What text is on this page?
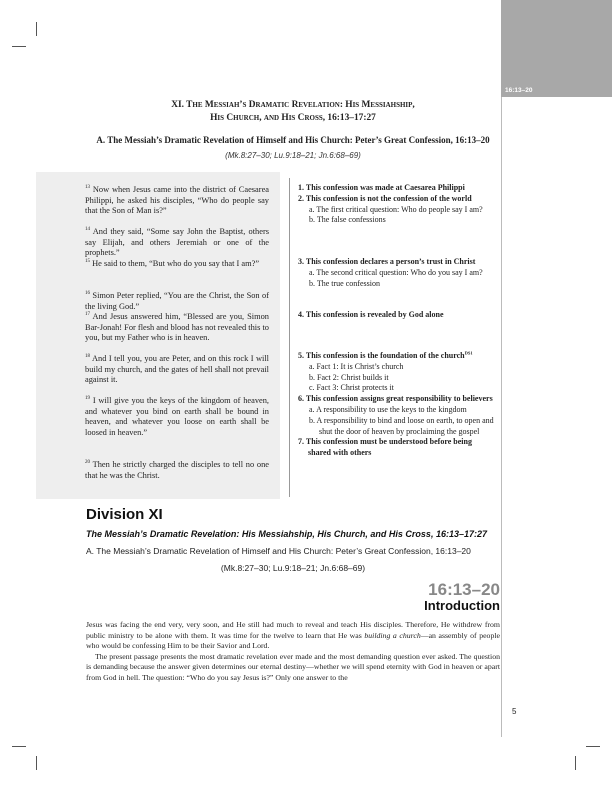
16:13–20
XI. The Messiah’s Dramatic Revelation: His Messiahship,
His Church, and His Cross, 16:13–17:27
A. The Messiah’s Dramatic Revelation of Himself and His Church: Peter’s Great Confession, 16:13–20
(Mk.8:27–30; Lu.9:18–21; Jn.6:68–69)
$^{13}$ Now when Jesus came into the district of Caesarea Philippi, he asked his disciples, “Who do people say that the Son of Man is?”
$^{14}$ And they said, “Some say John the Baptist, others say Elijah, and others Jeremiah or one of the prophets.”
$^{15}$ He said to them, “But who do you say that I am?”
$^{16}$ Simon Peter replied, “You are the Christ, the Son of the living God.”
$^{17}$ And Jesus answered him, “Blessed are you, Simon Bar-Jonah! For flesh and blood has not revealed this to you, but my Father who is in heaven.
$^{18}$ And I tell you, you are Peter, and on this rock I will build my church, and the gates of hell shall not prevail against it.
$^{19}$ I will give you the keys of the kingdom of heaven, and whatever you bind on earth shall be bound in heaven, and whatever you loose on earth shall be loosed in heaven.”
$^{20}$ Then he strictly charged the disciples to tell no one that he was the Christ.
1. This confession was made at Caesarea Philippi
2. This confession is not the confession of the world
a. The first critical question: Who do people say I am?
b. The false confessions
3. This confession declares a person’s trust in Christ
a. The second critical question: Who do you say I am?
b. The true confession
4. This confession is revealed by God alone
5. This confession is the foundation of the church$^{DS1}$
a. Fact 1: It is Christ’s church
b. Fact 2: Christ builds it
c. Fact 3: Christ protects it
6. This confession assigns great responsibility to believers
a. A responsibility to use the keys to the kingdom
b. A responsibility to bind and loose on earth, to open and shut the door of heaven by proclaiming the gospel
7. This confession must be understood before being shared with others
Division XI
The Messiah’s Dramatic Revelation: His Messiahship, His Church, and His Cross, 16:13–17:27
A. The Messiah’s Dramatic Revelation of Himself and His Church: Peter’s Great Confession, 16:13–20
(Mk.8:27–30; Lu.9:18–21; Jn.6:68–69)
16:13–20
Introduction

Jesus was facing the end very, very soon, and He still had much to reveal and teach His disciples. Therefore, He withdrew from public ministry to be alone with them. It was time for the twelve to learn that He was building a church—an assembly of people who would be confessing Him to be their Savior and Lord.

The present passage presents the most dramatic revelation ever made and the most demanding question ever asked. The question is demanding because the answer given determines our eternal destiny—whether we will spend eternity with God in heaven or apart from God in hell. The question: “Who do you say Jesus is?” Only one answer to the

5
